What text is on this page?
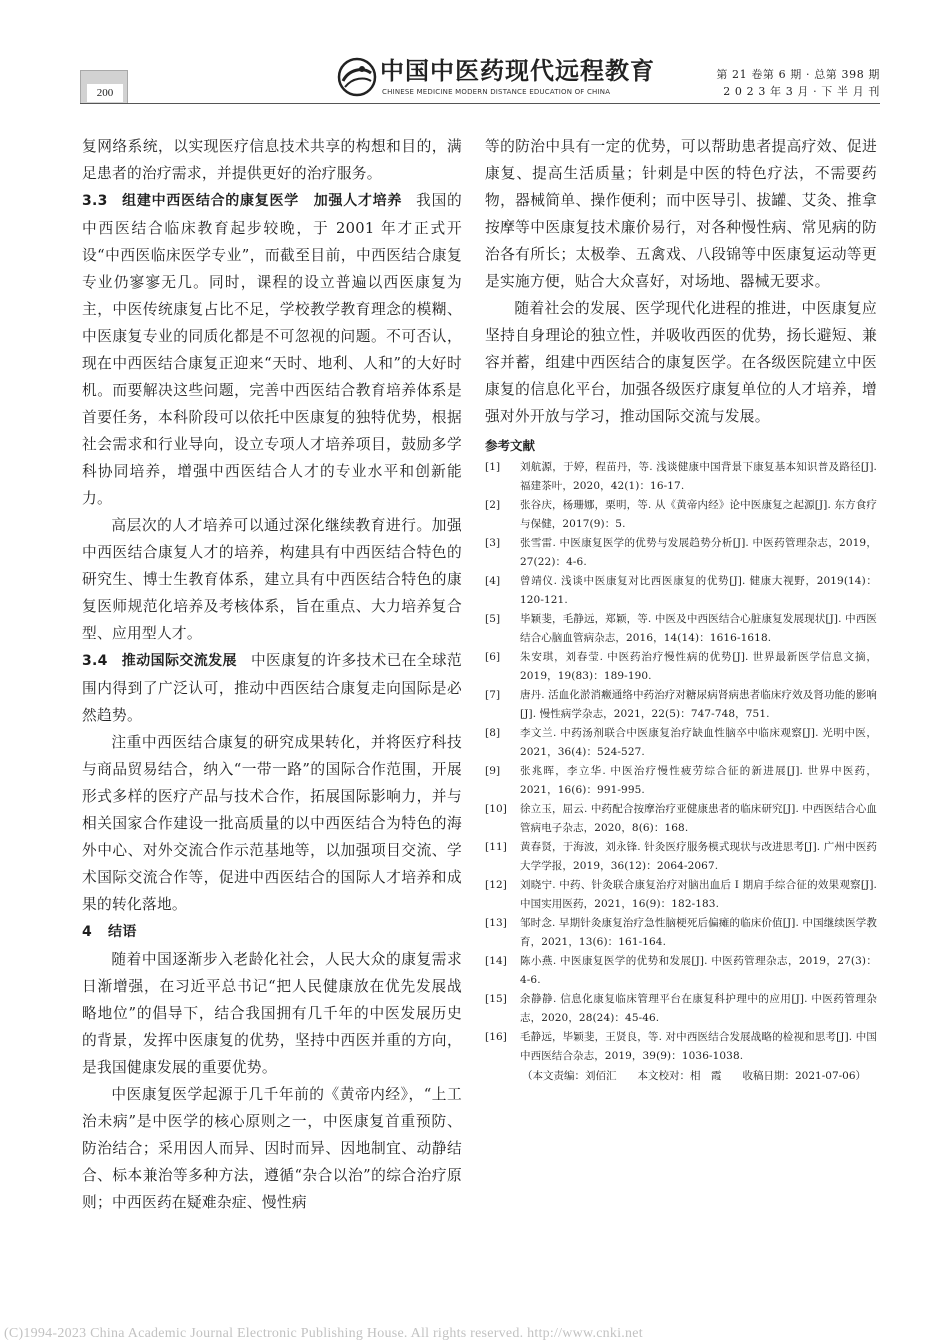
200
中国中医药现代远程教育
CHINESE MEDICINE MODERN DISTANCE EDUCATION OF CHINA
第 21 卷第 6 期 · 总第 398 期
2 0 2 3 年 3 月 · 下 半 月 刊

复网络系统，以实现医疗信息技术共享的构想和目的，满足患者的治疗需求，并提供更好的治疗服务。

3.3 组建中西医结合的康复医学　加强人才培养 我国的中西医结合临床教育起步较晚，于 2001 年才正式开设“中西医临床医学专业”，而截至目前，中西医结合康复专业仍寥寥无几。同时，课程的设立普遍以西医康复为主，中医传统康复占比不足，学校教学教育理念的模糊、中医康复专业的同质化都是不可忽视的问题。不可否认，现在中西医结合康复正迎来“天时、地利、人和”的大好时机。而要解决这些问题，完善中西医结合教育培养体系是首要任务，本科阶段可以依托中医康复的独特优势，根据社会需求和行业导向，设立专项人才培养项目，鼓励多学科协同培养，增强中西医结合人才的专业水平和创新能力。

高层次的人才培养可以通过深化继续教育进行。加强中西医结合康复人才的培养，构建具有中西医结合特色的研究生、博士生教育体系，建立具有中西医结合特色的康复医师规范化培养及考核体系，旨在重点、大力培养复合型、应用型人才。

3.4 推动国际交流发展 中医康复的许多技术已在全球范围内得到了广泛认可，推动中西医结合康复走向国际是必然趋势。

注重中西医结合康复的研究成果转化，并将医疗科技与商品贸易结合，纳入“一带一路”的国际合作范围，开展形式多样的医疗产品与技术合作，拓展国际影响力，并与相关国家合作建设一批高质量的以中西医结合为特色的海外中心、对外交流合作示范基地等，以加强项目交流、学术国际交流合作等，促进中西医结合的国际人才培养和成果的转化落地。

4 结语

随着中国逐渐步入老龄化社会，人民大众的康复需求日渐增强，在习近平总书记“把人民健康放在优先发展战略地位”的倡导下，结合我国拥有几千年的中医发展历史的背景，发挥中医康复的优势，坚持中西医并重的方向，是我国健康发展的重要优势。

中医康复医学起源于几千年前的《黄帝内经》，“上工治未病”是中医学的核心原则之一，中医康复首重预防、防治结合；采用因人而异、因时而异、因地制宜、动静结合、标本兼治等多种方法，遵循“杂合以治”的综合治疗原则；中西医药在疑难杂症、慢性病

等的防治中具有一定的优势，可以帮助患者提高疗效、促进康复、提高生活质量；针刺是中医的特色疗法，不需要药物，器械简单、操作便利；而中医导引、拔罐、艾灸、推拿按摩等中医康复技术廉价易行，对各种慢性病、常见病的防治各有所长；太极拳、五禽戏、八段锦等中医康复运动等更是实施方便，贴合大众喜好，对场地、器械无要求。

随着社会的发展、医学现代化进程的推进，中医康复应坚持自身理论的独立性，并吸收西医的优势，扬长避短、兼容并蓄，组建中西医结合的康复医学。在各级医院建立中医康复的信息化平台，加强各级医疗康复单位的人才培养，增强对外开放与学习，推动国际交流与发展。

参考文献
[1]	刘航源，于婷，程苗丹，等. 浅谈健康中国背景下康复基本知识普及路径[J]. 福建茶叶，2020，42(1)：16-17.
[2]	张谷庆，杨珊娜，栗明，等. 从《黄帝内经》论中医康复之起源[J]. 东方食疗与保健，2017(9)：5.
[3]	张雪雷. 中医康复医学的优势与发展趋势分析[J]. 中医药管理杂志，2019，27(22)：4-6.
[4]	曾靖仪. 浅谈中医康复对比西医康复的优势[J]. 健康大视野，2019(14)：120-121.
[5]	毕颖斐，毛静远，郑颖，等. 中医及中西医结合心脏康复发展现状[J]. 中西医结合心脑血管病杂志，2016，14(14)：1616-1618.
[6]	朱安琪，刘春莹. 中医药治疗慢性病的优势[J]. 世界最新医学信息文摘，2019，19(83)：189-190.
[7]	唐丹. 活血化淤消癥通络中药治疗对糖尿病肾病患者临床疗效及肾功能的影响[J]. 慢性病学杂志，2021，22(5)：747-748，751.
[8]	李文兰. 中药汤剂联合中医康复治疗缺血性脑卒中临床观察[J]. 光明中医，2021，36(4)：524-527.
[9]	张兆晖，李立华. 中医治疗慢性疲劳综合征的新进展[J]. 世界中医药，2021，16(6)：991-995.
[10]	徐立玉，屈云. 中药配合按摩治疗亚健康患者的临床研究[J]. 中西医结合心血管病电子杂志，2020，8(6)：168.
[11]	黄春贤，于海波，刘永锋. 针灸医疗服务模式现状与改进思考[J]. 广州中医药大学学报，2019，36(12)：2064-2067.
[12]	刘晓宁. 中药、针灸联合康复治疗对脑出血后 I 期肩手综合征的效果观察[J]. 中国实用医药，2021，16(9)：182-183.
[13]	邹时念. 早期针灸康复治疗急性脑梗死后偏瘫的临床价值[J]. 中国继续医学教育，2021，13(6)：161-164.
[14]	陈小燕. 中医康复医学的优势和发展[J]. 中医药管理杂志，2019，27(3)：4-6.
[15]	余静静. 信息化康复临床管理平台在康复科护理中的应用[J]. 中医药管理杂志，2020，28(24)：45-46.
[16]	毛静远，毕颖斐，王贤良，等. 对中西医结合发展战略的检视和思考[J]. 中国中西医结合杂志，2019，39(9)：1036-1038.
（本文责编：刘佰汇　　本文校对：相　霞　　收稿日期：2021-07-06）
(C)1994-2023 China Academic Journal Electronic Publishing House. All rights reserved. http://www.cnki.net
